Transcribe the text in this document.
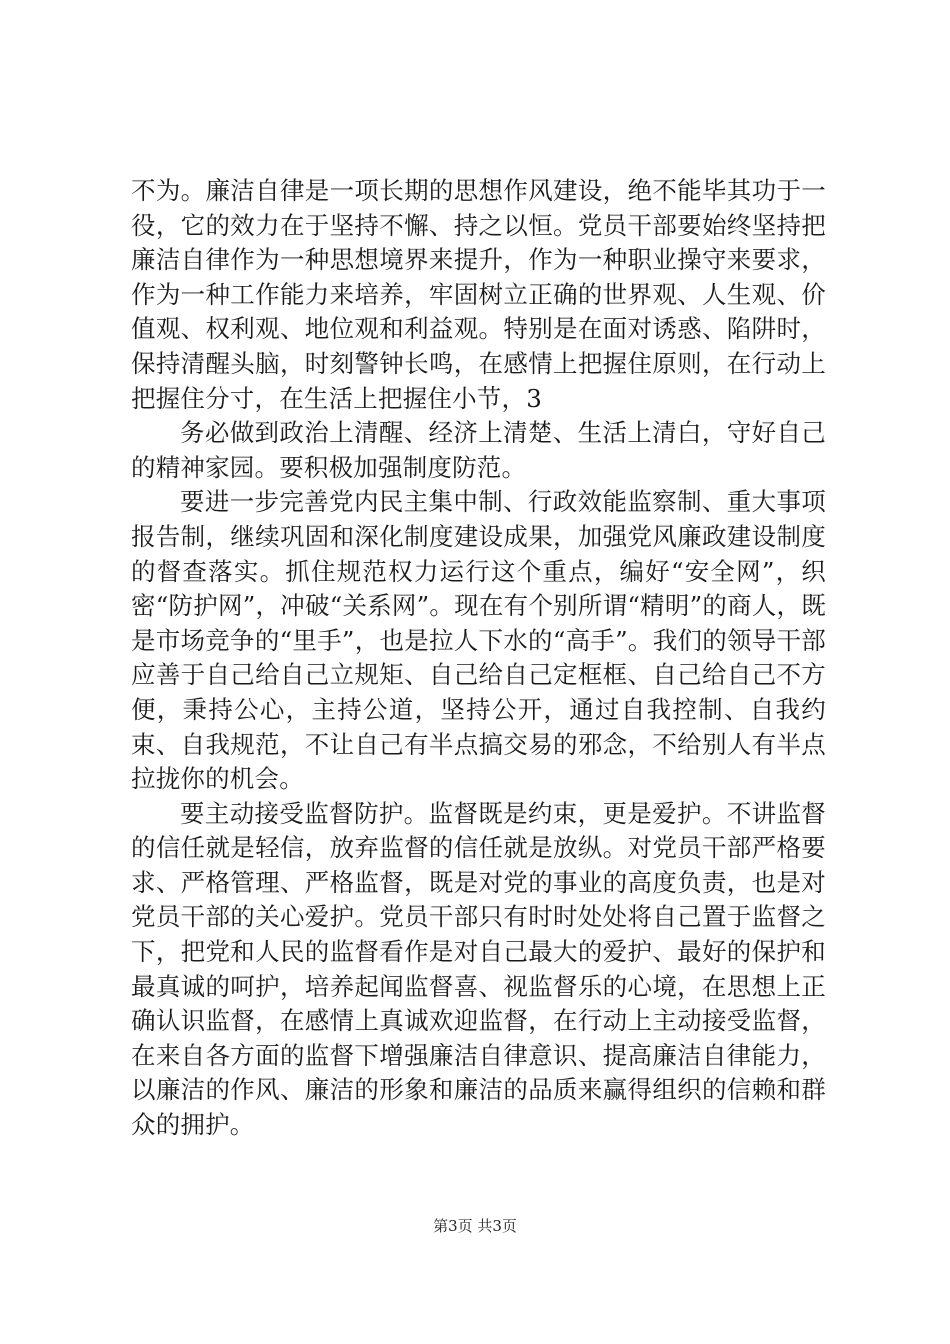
不为。廉洁自律是一项长期的思想作风建设，绝不能毕其功于一役，它的效力在于坚持不懈、持之以恒。党员干部要始终坚持把廉洁自律作为一种思想境界来提升，作为一种职业操守来要求，作为一种工作能力来培养，牢固树立正确的世界观、人生观、价值观、权利观、地位观和利益观。特别是在面对诱惑、陷阱时，保持清醒头脑，时刻警钟长鸣，在感情上把握住原则，在行动上把握住分寸，在生活上把握住小节，3

务必做到政治上清醒、经济上清楚、生活上清白，守好自己的精神家园。要积极加强制度防范。

要进一步完善党内民主集中制、行政效能监察制、重大事项报告制，继续巩固和深化制度建设成果，加强党风廉政建设制度的督查落实。抓住规范权力运行这个重点，编好“安全网”，织密“防护网”，冲破“关系网”。现在有个别所谓“精明”的商人，既是市场竞争的“里手”，也是拉人下水的“高手”。我们的领导干部应善于自己给自己立规矩、自己给自己定框框、自己给自己不方便，秉持公心，主持公道，坚持公开，通过自我控制、自我约束、自我规范，不让自己有半点搞交易的邪念，不给别人有半点拉拢你的机会。

要主动接受监督防护。监督既是约束，更是爱护。不讲监督的信任就是轻信，放弃监督的信任就是放纵。对党员干部严格要求、严格管理、严格监督，既是对党的事业的高度负责，也是对党员干部的关心爱护。党员干部只有时时处处将自己置于监督之下，把党和人民的监督看作是对自己最大的爱护、最好的保护和最真诚的呵护，培养起闻监督喜、视监督乐的心境，在思想上正确认识监督，在感情上真诚欢迎监督，在行动上主动接受监督，在来自各方面的监督下增强廉洁自律意识、提高廉洁自律能力，以廉洁的作风、廉洁的形象和廉洁的品质来赢得组织的信赖和群众的拥护。

第3页 共3页
